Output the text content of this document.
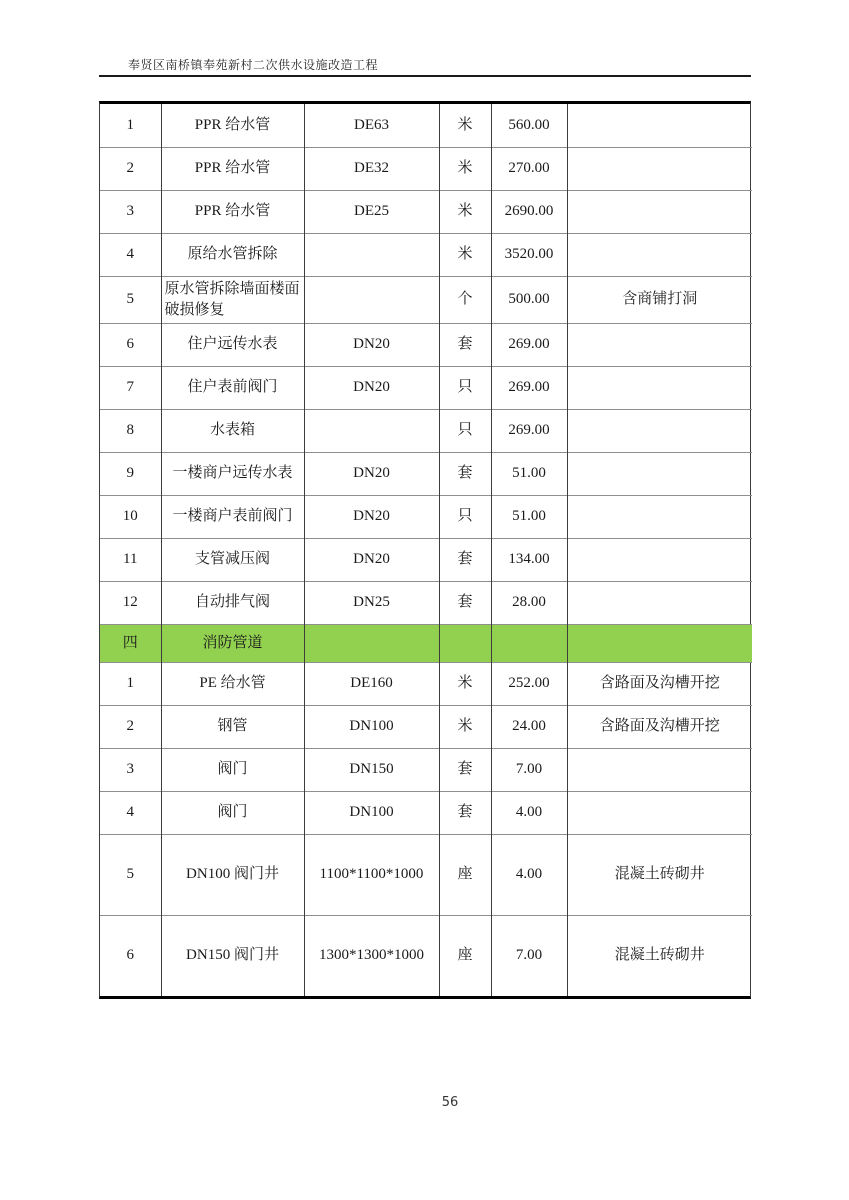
奉贤区南桥镇奉苑新村二次供水设施改造工程
1	PPR 给水管	DE63	米	560.00	
2	PPR 给水管	DE32	米	270.00	
3	PPR 给水管	DE25	米	2690.00	
4	原给水管拆除		米	3520.00	
5	原水管拆除墙面楼面破损修复		个	500.00	含商铺打洞
6	住户远传水表	DN20	套	269.00	
7	住户表前阀门	DN20	只	269.00	
8	水表箱		只	269.00	
9	一楼商户远传水表	DN20	套	51.00	
10	一楼商户表前阀门	DN20	只	51.00	
11	支管减压阀	DN20	套	134.00	
12	自动排气阀	DN25	套	28.00	
四	消防管道				
1	PE 给水管	DE160	米	252.00	含路面及沟槽开挖
2	钢管	DN100	米	24.00	含路面及沟槽开挖
3	阀门	DN150	套	7.00	
4	阀门	DN100	套	4.00	
5	DN100 阀门井	1100*1100*1000	座	4.00	混凝土砖砌井
6	DN150 阀门井	1300*1300*1000	座	7.00	混凝土砖砌井
56
